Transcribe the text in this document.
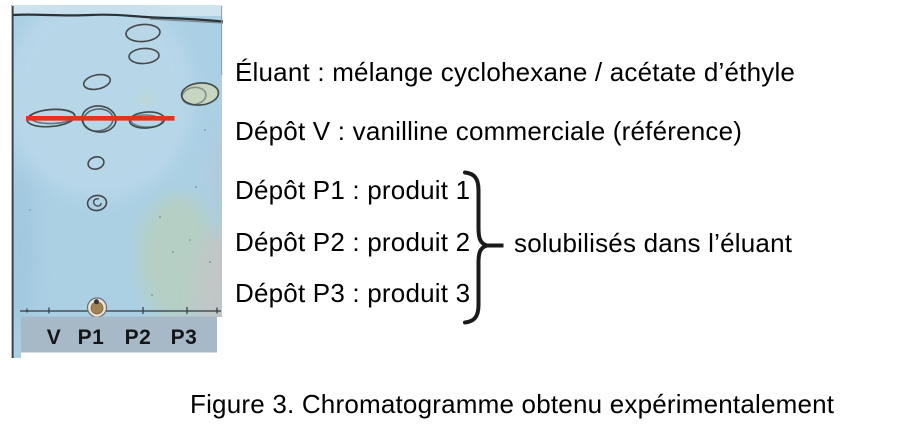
V P1 P2 P3
Éluant : mélange cyclohexane / acétate d’éthyle
Dépôt V : vanilline commerciale (référence)
Dépôt P1 : produit 1
Dépôt P2 : produit 2
Dépôt P3 : produit 3
solubilisés dans l’éluant
Figure 3. Chromatogramme obtenu expérimentalement
